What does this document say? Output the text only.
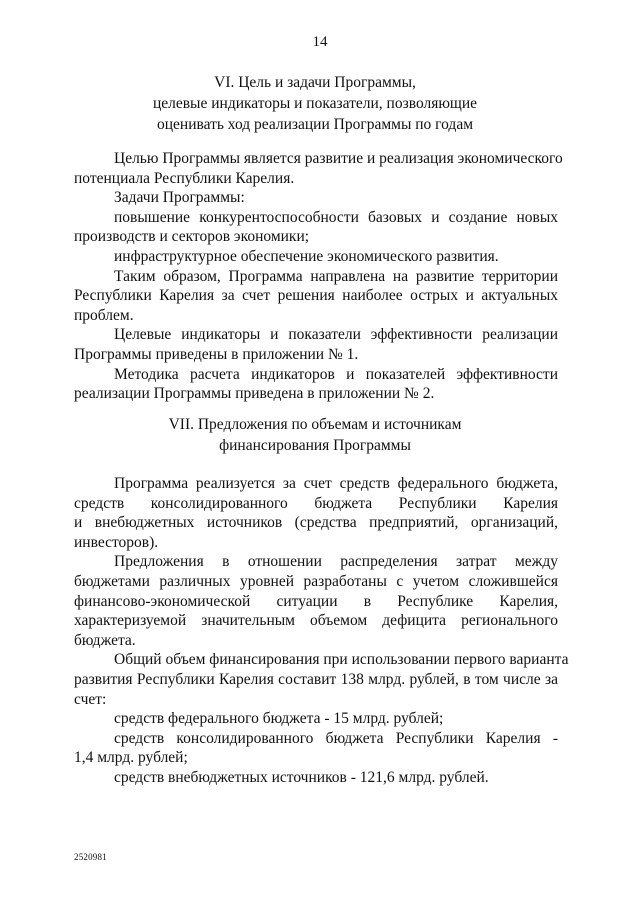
14
VI. Цель и задачи Программы,
целевые индикаторы и показатели, позволяющие
оценивать ход реализации Программы по годам
Целью Программы является развитие и реализация экономического
потенциала Республики Карелия.
Задачи Программы:
повышение конкурентоспособности базовых и создание новых
производств и секторов экономики;
инфраструктурное обеспечение экономического развития.
Таким образом, Программа направлена на развитие территории
Республики Карелия за счет решения наиболее острых и актуальных
проблем.
Целевые индикаторы и показатели эффективности реализации
Программы приведены в приложении № 1.
Методика расчета индикаторов и показателей эффективности
реализации Программы приведена в приложении № 2.
VII. Предложения по объемам и источникам
финансирования Программы
Программа реализуется за счет средств федерального бюджета,
средств консолидированного бюджета Республики Карелия
и внебюджетных источников (средства предприятий, организаций,
инвесторов).
Предложения в отношении распределения затрат между
бюджетами различных уровней разработаны с учетом сложившейся
финансово-экономической ситуации в Республике Карелия,
характеризуемой значительным объемом дефицита регионального
бюджета.
Общий объем финансирования при использовании первого варианта
развития Республики Карелия составит 138 млрд. рублей, в том числе за
счет:
средств федерального бюджета - 15 млрд. рублей;
средств консолидированного бюджета Республики Карелия -
1,4 млрд. рублей;
средств внебюджетных источников - 121,6 млрд. рублей.
2520981
